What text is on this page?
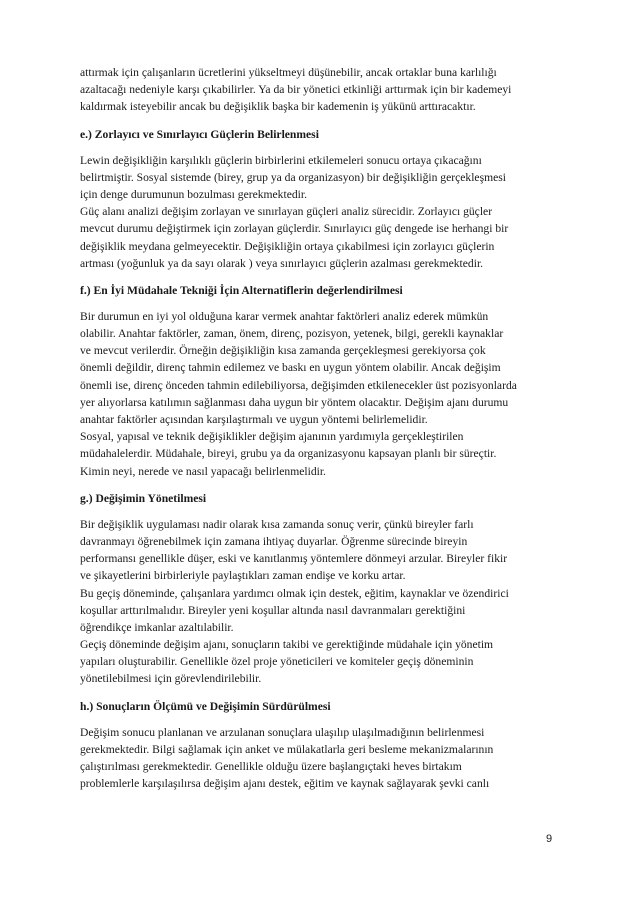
attırmak için çalışanların ücretlerini yükseltmeyi düşünebilir, ancak ortaklar buna karlılığı
azaltacağı nedeniyle karşı çıkabilirler. Ya da bir yönetici etkinliği arttırmak için bir kademeyi
kaldırmak isteyebilir ancak bu değişiklik başka bir kademenin iş yükünü arttıracaktır.
e.) Zorlayıcı ve Sınırlayıcı Güçlerin Belirlenmesi
Lewin değişikliğin karşılıklı güçlerin birbirlerini etkilemeleri sonucu ortaya çıkacağını
belirtmiştir. Sosyal sistemde (birey, grup ya da organizasyon) bir değişikliğin gerçekleşmesi
için denge durumunun bozulması gerekmektedir.
Güç alanı analizi değişim zorlayan ve sınırlayan güçleri analiz sürecidir. Zorlayıcı güçler
mevcut durumu değiştirmek için zorlayan güçlerdir. Sınırlayıcı güç dengede ise herhangi bir
değişiklik meydana gelmeyecektir. Değişikliğin ortaya çıkabilmesi için zorlayıcı güçlerin
artması (yoğunluk ya da sayı olarak ) veya sınırlayıcı güçlerin azalması gerekmektedir.
f.) En İyi Müdahale Tekniği İçin Alternatiflerin değerlendirilmesi
Bir durumun en iyi yol olduğuna karar vermek anahtar faktörleri analiz ederek mümkün
olabilir. Anahtar faktörler, zaman, önem, direnç, pozisyon, yetenek, bilgi, gerekli kaynaklar
ve mevcut verilerdir. Örneğin değişikliğin kısa zamanda gerçekleşmesi gerekiyorsa çok
önemli değildir, direnç tahmin edilemez ve baskı en uygun yöntem olabilir. Ancak değişim
önemli ise, direnç önceden tahmin edilebiliyorsa, değişimden etkilenecekler üst pozisyonlarda
yer alıyorlarsa katılımın sağlanması daha uygun bir yöntem olacaktır. Değişim ajanı durumu
anahtar faktörler açısından karşılaştırmalı ve uygun yöntemi belirlemelidir.
Sosyal, yapısal ve teknik değişiklikler değişim ajanının yardımıyla gerçekleştirilen
müdahalelerdir. Müdahale, bireyi, grubu ya da organizasyonu kapsayan planlı bir süreçtir.
Kimin neyi, nerede ve nasıl yapacağı belirlenmelidir.
g.) Değişimin Yönetilmesi
Bir değişiklik uygulaması nadir olarak kısa zamanda sonuç verir, çünkü bireyler farlı
davranmayı öğrenebilmek için zamana ihtiyaç duyarlar. Öğrenme sürecinde bireyin
performansı genellikle düşer, eski ve kanıtlanmış yöntemlere dönmeyi arzular. Bireyler fikir
ve şikayetlerini birbirleriyle paylaştıkları zaman endişe ve korku artar.
Bu geçiş döneminde, çalışanlara yardımcı olmak için destek, eğitim, kaynaklar ve özendirici
koşullar arttırılmalıdır. Bireyler yeni koşullar altında nasıl davranmaları gerektiğini
öğrendikçe imkanlar azaltılabilir.
Geçiş döneminde değişim ajanı, sonuçların takibi ve gerektiğinde müdahale için yönetim
yapıları oluşturabilir. Genellikle özel proje yöneticileri ve komiteler geçiş döneminin
yönetilebilmesi için görevlendirilebilir.
h.) Sonuçların Ölçümü ve Değişimin Sürdürülmesi
Değişim sonucu planlanan ve arzulanan sonuçlara ulaşılıp ulaşılmadığının belirlenmesi
gerekmektedir. Bilgi sağlamak için anket ve mülakatlarla geri besleme mekanizmalarının
çalıştırılması gerekmektedir. Genellikle olduğu üzere başlangıçtaki heves birtakım
problemlerle karşılaşılırsa değişim ajanı destek, eğitim ve kaynak sağlayarak şevki canlı
9
